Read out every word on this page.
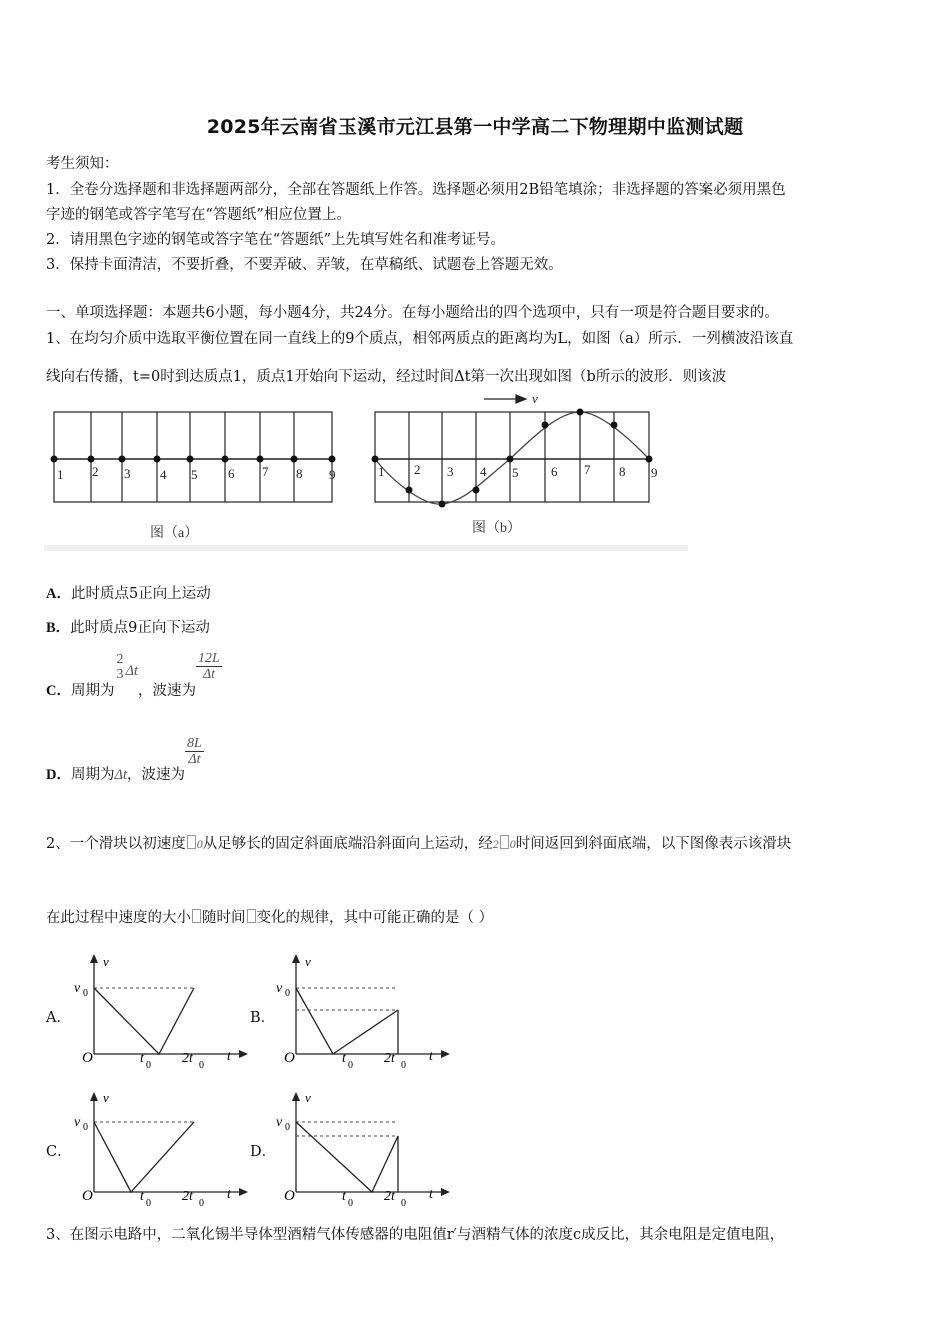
2025年云南省玉溪市元江县第一中学高二下物理期中监测试题
考生须知：
1．全卷分选择题和非选择题两部分，全部在答题纸上作答。选择题必须用2B铅笔填涂；非选择题的答案必须用黑色
字迹的钢笔或答字笔写在“答题纸”相应位置上。
2．请用黑色字迹的钢笔或答字笔在“答题纸”上先填写姓名和准考证号。
3．保持卡面清洁，不要折叠，不要弄破、弄皱，在草稿纸、试题卷上答题无效。
一、单项选择题：本题共6小题，每小题4分，共24分。在每小题给出的四个选项中，只有一项是符合题目要求的。
1、在均匀介质中选取平衡位置在同一直线上的9个质点，相邻两质点的距离均为L，如图（a）所示．一列横波沿该直
线向右传播，t=0时到达质点1，质点1开始向下运动，经过时间Δt第一次出现如图（b所示的波形．则该波
1 2 3 4 5 6 7 8 9
图（a）
v
1 2 3 4 5	6 7 8 9
图（b）
A．此时质点5正向上运动
B．此时质点9正向下运动
C．周期为
2
3 Δt，波速为
$\frac{12L}{\Delta t}$
D．周期为Δt，波速为
$\frac{8L}{\Delta t}$
2、一个滑块以初速度 0从足够长的固定斜面底端沿斜面向上运动，经2 0时间返回到斜面底端，以下图像表示该滑块
在此过程中速度的大小 随时间 变化的规律，其中可能正确的是（ ）
A．	B．
C．	D．
v
v 0
O	t 0 2t 0
t
v
v 0
O	t 0 2t 0
t
v
v 0
O	t 0 2t 0
t
v
v 0
O	t 0 2t 0
t
3、在图示电路中，二氧化锡半导体型酒精气体传感器的电阻值r′与酒精气体的浓度c成反比，其余电阻是定值电阻，
